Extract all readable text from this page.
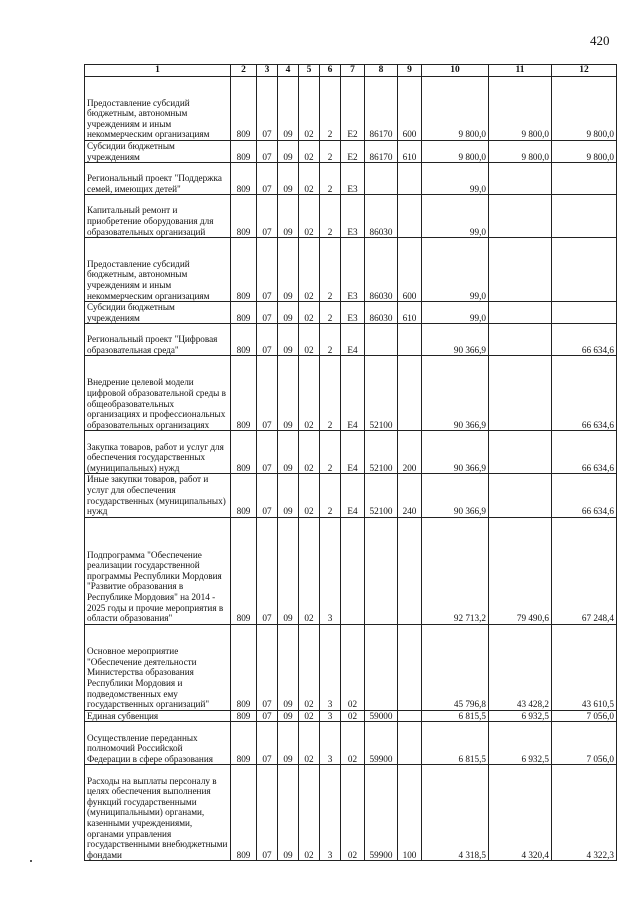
420
1	2	3	4	5	6	7	8	9	10	11	12
Предоставление субсидий бюджетным, автономным учреждениям и иным некоммерческим организациям	809	07	09	02	2	E2	86170	600	9 800,0	9 800,0	9 800,0
Субсидии бюджетным учреждениям	809	07	09	02	2	E2	86170	610	9 800,0	9 800,0	9 800,0
Региональный проект "Поддержка семей, имеющих детей"	809	07	09	02	2	E3			99,0		
Капитальный ремонт и приобретение оборудования для образовательных организаций	809	07	09	02	2	E3	86030		99,0		
Предоставление субсидий бюджетным, автономным учреждениям и иным некоммерческим организациям	809	07	09	02	2	E3	86030	600	99,0		
Субсидии бюджетным учреждениям	809	07	09	02	2	E3	86030	610	99,0		
Региональный проект "Цифровая образовательная среда"	809	07	09	02	2	E4			90 366,9		66 634,6
Внедрение целевой модели цифровой образовательной среды в общеобразовательных организациях и профессиональных образовательных организациях	809	07	09	02	2	E4	52100		90 366,9		66 634,6
Закупка товаров, работ и услуг для обеспечения государственных (муниципальных) нужд	809	07	09	02	2	E4	52100	200	90 366,9		66 634,6
Иные закупки товаров, работ и услуг для обеспечения государственных (муниципальных) нужд	809	07	09	02	2	E4	52100	240	90 366,9		66 634,6
Подпрограмма "Обеспечение реализации государственной программы Республики Мордовия "Развитие образования в Республике Мордовия" на 2014 - 2025 годы и прочие мероприятия в области образования"	809	07	09	02	3				92 713,2	79 490,6	67 248,4
Основное мероприятие "Обеспечение деятельности Министерства образования Республики Мордовия и подведомственных ему государственных организаций"	809	07	09	02	3	02			45 796,8	43 428,2	43 610,5
Единая субвенция	809	07	09	02	3	02	59000		6 815,5	6 932,5	7 056,0
Осуществление переданных полномочий Российской Федерации в сфере образования	809	07	09	02	3	02	59900		6 815,5	6 932,5	7 056,0
Расходы на выплаты персоналу в целях обеспечения выполнения функций государственными (муниципальными) органами, казенными учреждениями, органами управления государственными внебюджетными фондами	809	07	09	02	3	02	59900	100	4 318,5	4 320,4	4 322,3
